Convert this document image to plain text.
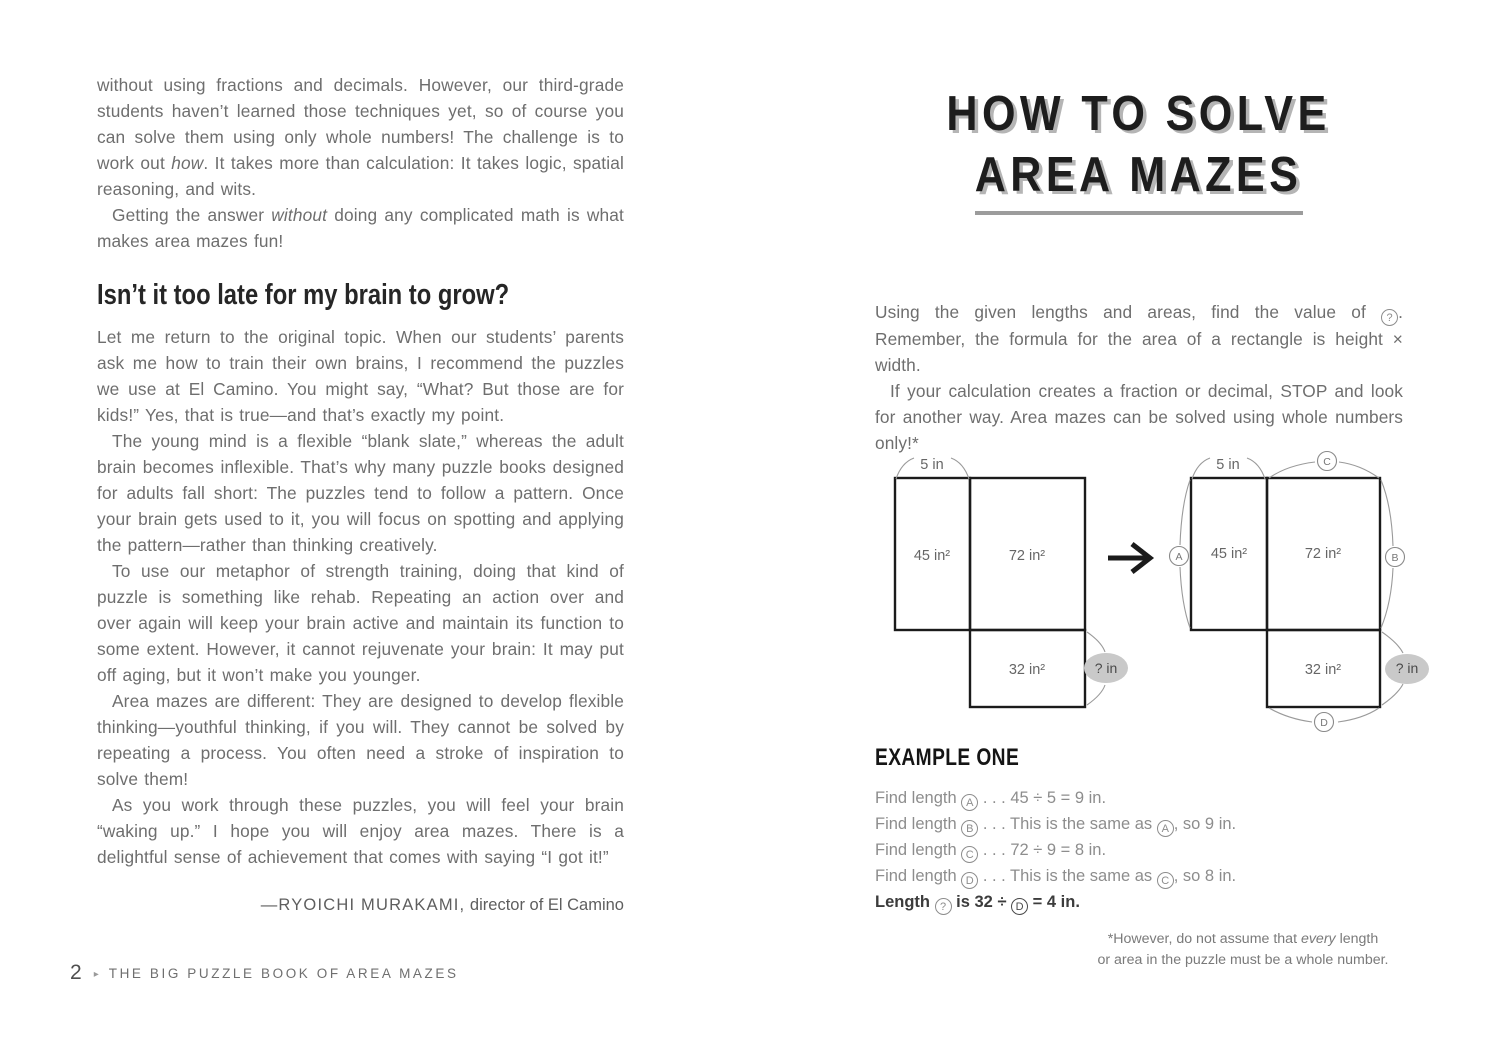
without using fractions and decimals. However, our third-grade students haven’t learned those techniques yet, so of course you can solve them using only whole numbers! The challenge is to work out how. It takes more than calculation: It takes logic, spatial reasoning, and wits.

Getting the answer without doing any complicated math is what makes area mazes fun!

Isn’t it too late for my brain to grow?

Let me return to the original topic. When our students’ parents ask me how to train their own brains, I recommend the puzzles we use at El Camino. You might say, “What? But those are for kids!” Yes, that is true—and that’s exactly my point.

The young mind is a flexible “blank slate,” whereas the adult brain becomes inflexible. That’s why many puzzle books designed for adults fall short: The puzzles tend to follow a pattern. Once your brain gets used to it, you will focus on spotting and applying the pattern—rather than thinking creatively.

To use our metaphor of strength training, doing that kind of puzzle is something like rehab. Repeating an action over and over again will keep your brain active and maintain its function to some extent. However, it cannot rejuvenate your brain: It may put off aging, but it won’t make you younger.

Area mazes are different: They are designed to develop flexible thinking—youthful thinking, if you will. They cannot be solved by repeating a process. You often need a stroke of inspiration to solve them!

As you work through these puzzles, you will feel your brain “waking up.” I hope you will enjoy area mazes. There is a delightful sense of achievement that comes with saying “I got it!”

—RYOICHI MURAKAMI, director of El Camino

2 ▸ THE BIG PUZZLE BOOK OF AREA MAZES
HOW TO SOLVE
AREA MAZES

Using the given lengths and areas, find the value of ? . Remember, the formula for the area of a rectangle is height × width.

If your calculation creates a fraction or decimal, STOP and look for another way. Area mazes can be solved using whole numbers only!*

5 in
45 in²	72 in²
32 in²	? in
5 in
45 in²	72 in²
32 in²
C
A	B
D
? in
EXAMPLE ONE

Find length A . . . 45 ÷ 5 = 9 in.

Find length B . . . This is the same as A , so 9 in.

Find length C . . . 72 ÷ 9 = 8 in.

Find length D . . . This is the same as C , so 8 in.

Length ? is 32 ÷ D = 4 in.

*However, do not assume that every length
or area in the puzzle must be a whole number.
